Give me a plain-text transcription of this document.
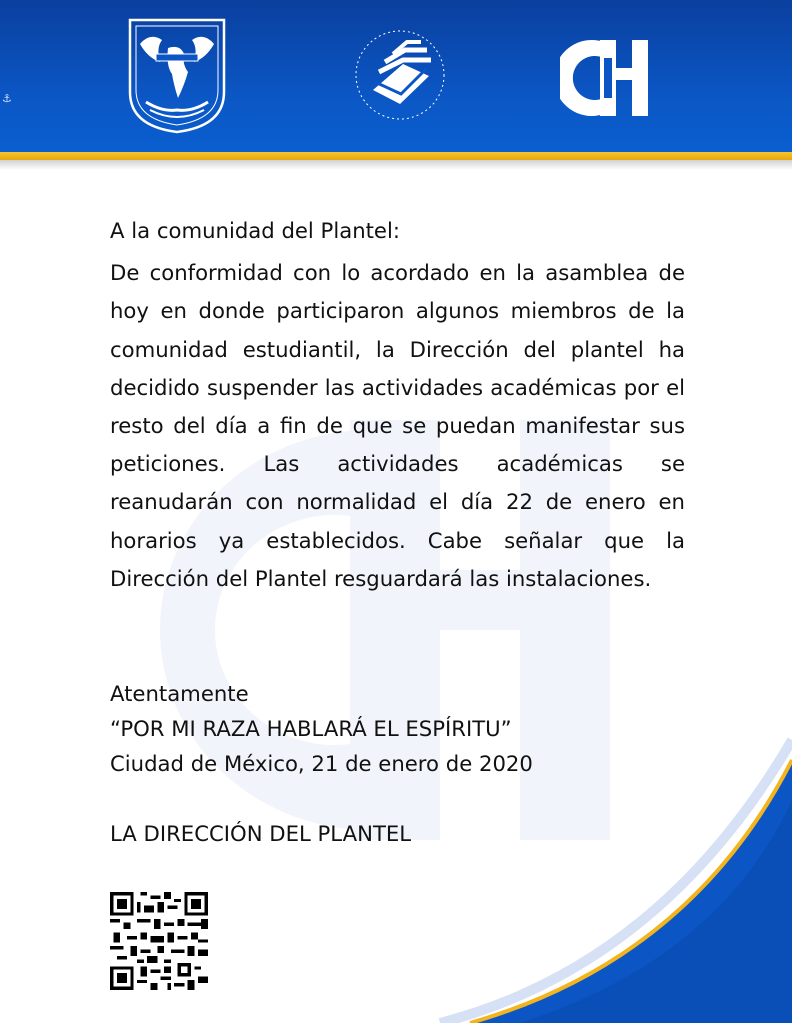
⚓

A la comunidad del Plantel:

De conformidad con lo acordado en la asamblea de hoy en donde participaron algunos miembros de la comunidad estudiantil, la Dirección del plantel ha decidido suspender las actividades académicas por el resto del día a fin de que se puedan manifestar sus peticiones. Las actividades académicas se reanudarán con normalidad el día 22 de enero en horarios ya establecidos. Cabe señalar que la Dirección del Plantel resguardará las instalaciones.

Atentamente
“POR MI RAZA HABLARÁ EL ESPÍRITU”
Ciudad de México, 21 de enero de 2020
LA DIRECCIÓN DEL PLANTEL
